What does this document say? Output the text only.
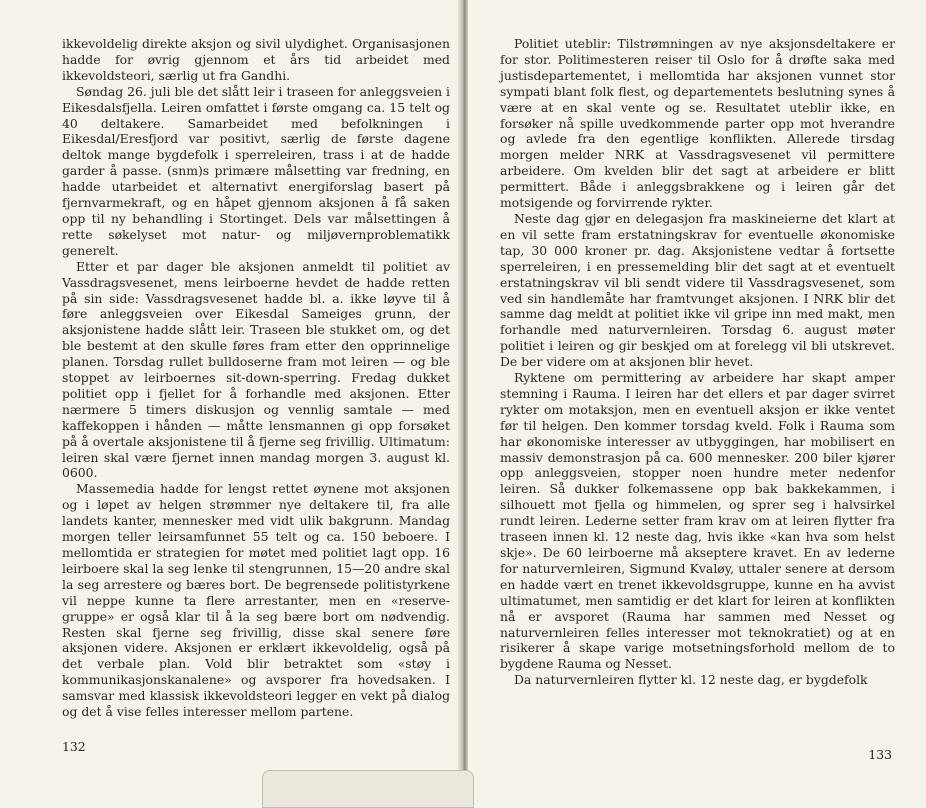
ikkevoldelig direkte aksjon og sivil ulydighet. Organisasjonen hadde for øvrig gjennom et års tid arbeidet med ikkevoldsteori, særlig ut fra Gandhi.

Søndag 26. juli ble det slått leir i traseen for anleggsveien i Eikesdalsfjella. Leiren omfattet i første omgang ca. 15 telt og 40 deltakere. Samarbeidet med befolkningen i Eikesdal/Eresfjord var positivt, særlig de første dagene deltok mange bygdefolk i sperreleiren, trass i at de hadde garder å passe. (snm)s primære målsetting var fredning, en hadde utarbeidet et alternativt energiforslag basert på fjernvarmekraft, og en håpet gjennom aksjonen å få saken opp til ny behandling i Stortinget. Dels var målsettingen å rette søkelyset mot natur- og miljøvernproblematikk generelt.

Etter et par dager ble aksjonen anmeldt til politiet av Vassdragsvesenet, mens leirboerne hevdet de hadde retten på sin side: Vassdragsvesenet hadde bl. a. ikke løyve til å føre anleggsveien over Eikesdal Sameiges grunn, der aksjonistene hadde slått leir. Traseen ble stukket om, og det ble bestemt at den skulle føres fram etter den opprinnelige planen. Torsdag rullet bulldoserne fram mot leiren — og ble stoppet av leirboernes sit-down-sperring. Fredag dukket politiet opp i fjellet for å forhandle med aksjonen. Etter nærmere 5 timers diskusjon og vennlig samtale — med kaffekoppen i hånden — måtte lensmannen gi opp forsøket på å overtale aksjonistene til å fjerne seg frivillig. Ultimatum: leiren skal være fjernet innen mandag morgen 3. august kl. 0600.

Massemedia hadde for lengst rettet øynene mot aksjonen og i løpet av helgen strømmer nye deltakere til, fra alle landets kanter, mennesker med vidt ulik bakgrunn. Mandag morgen teller leirsamfunnet 55 telt og ca. 150 beboere. I mellomtida er strategien for møtet med politiet lagt opp. 16 leirboere skal la seg lenke til stengrunnen, 15—20 andre skal la seg arrestere og bæres bort. De begrensede politistyrkene vil neppe kunne ta flere arrestanter, men en «reserve-gruppe» er også klar til å la seg bære bort om nødvendig. Resten skal fjerne seg frivillig, disse skal senere føre aksjonen videre. Aksjonen er erklært ikkevoldelig, også på det verbale plan. Vold blir betraktet som «støy i kommunikasjonskanalene» og avsporer fra hovedsaken. I samsvar med klassisk ikkevoldsteori legger en vekt på dialog og det å vise felles interesser mellom partene.

132

Politiet uteblir: Tilstrømningen av nye aksjonsdeltakere er for stor. Politimesteren reiser til Oslo for å drøfte saka med justisdepartementet, i mellomtida har aksjonen vunnet stor sympati blant folk flest, og departementets beslutning synes å være at en skal vente og se. Resultatet uteblir ikke, en forsøker nå spille uvedkommende parter opp mot hverandre og avlede fra den egentlige konflikten. Allerede tirsdag morgen melder NRK at Vassdragsvesenet vil permittere arbeidere. Om kvelden blir det sagt at arbeidere er blitt permittert. Både i anleggsbrakkene og i leiren går det motsigende og forvirrende rykter.

Neste dag gjør en delegasjon fra maskineierne det klart at en vil sette fram erstatningskrav for eventuelle økonomiske tap, 30 000 kroner pr. dag. Aksjonistene vedtar å fortsette sperreleiren, i en pressemelding blir det sagt at et eventuelt erstatningskrav vil bli sendt videre til Vassdragsvesenet, som ved sin handlemåte har framtvunget aksjonen. I NRK blir det samme dag meldt at politiet ikke vil gripe inn med makt, men forhandle med naturvernleiren. Torsdag 6. august møter politiet i leiren og gir beskjed om at forelegg vil bli utskrevet. De ber videre om at aksjonen blir hevet.

Ryktene om permittering av arbeidere har skapt amper stemning i Rauma. I leiren har det ellers et par dager svirret rykter om motaksjon, men en eventuell aksjon er ikke ventet før til helgen. Den kommer torsdag kveld. Folk i Rauma som har økonomiske interesser av utbyggingen, har mobilisert en massiv demonstrasjon på ca. 600 mennesker. 200 biler kjører opp anleggsveien, stopper noen hundre meter nedenfor leiren. Så dukker folkemassene opp bak bakkekammen, i silhouett mot fjella og himmelen, og sprer seg i halvsirkel rundt leiren. Lederne setter fram krav om at leiren flytter fra traseen innen kl. 12 neste dag, hvis ikke «kan hva som helst skje». De 60 leirboerne må akseptere kravet. En av lederne for naturvernleiren, Sigmund Kvaløy, uttaler senere at dersom en hadde vært en trenet ikkevoldsgruppe, kunne en ha avvist ultimatumet, men samtidig er det klart for leiren at konflikten nå er avsporet (Rauma har sammen med Nesset og naturvernleiren felles interesser mot teknokratiet) og at en risikerer å skape varige motsetningsforhold mellom de to bygdene Rauma og Nesset.

Da naturvernleiren flytter kl. 12 neste dag, er bygdefolk

133
